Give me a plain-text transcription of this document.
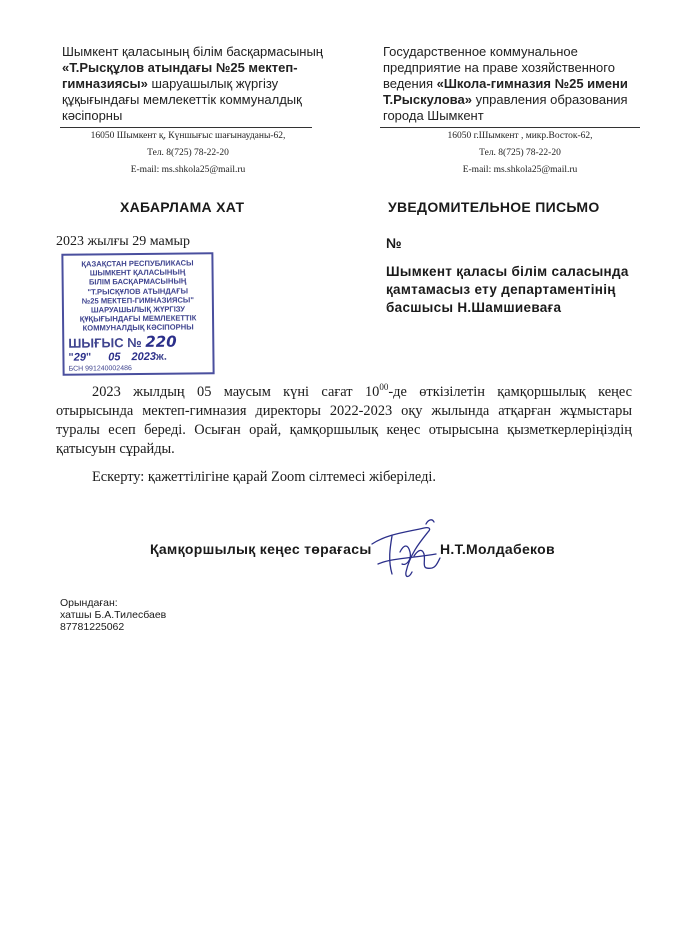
Шымкент қаласының білім басқармасының
«Т.Рысқұлов атындағы №25 мектеп-
гимназиясы» шаруашылық жүргізу
құқығындағы мемлекеттік коммуналдық
кәсіпорны
Государственное коммунальное
предприятие на праве хозяйственного
ведения «Школа-гимназия №25 имени
Т.Рыскулова» управления образования
города Шымкент
16050 Шымкент қ, Күншығыс шағынауданы-62,
Тел. 8(725) 78-22-20
E-mail: ms.shkola25@mail.ru
16050 г.Шымкент , микр.Восток-62,
Тел. 8(725) 78-22-20
E-mail: ms.shkola25@mail.ru
ХАБАРЛАМА ХАТ	УВЕДОМИТЕЛЬНОЕ ПИСЬМО
2023 жылғы 29 мамыр	№
Шымкент қаласы білім саласында
қамтамасыз ету департаментінің
басшысы Н.Шамшиеваға
ҚАЗАҚСТАН РЕСПУБЛИКАСЫ
ШЫМКЕНТ ҚАЛАСЫНЫҢ
БІЛІМ БАСҚАРМАСЫНЫҢ
"Т.РЫСҚҰЛОВ АТЫНДАҒЫ
№25 МЕКТЕП-ГИМНАЗИЯСЫ"
ШАРУАШЫЛЫҚ ЖҮРГІЗУ
ҚҰҚЫҒЫНДАҒЫ МЕМЛЕКЕТТІК
КОММУНАЛДЫҚ КӘСІПОРНЫ
ШЫҒЫС № 220
"29" 05 2023ж.
БСН 991240002486
2023 жылдың 05 маусым күні сағат $10^{00}-де$ өткізілетін қамқоршылық кеңес отырысында мектеп-гимназия директоры 2022-2023 оқу жылында атқарған жұмыстары туралы есеп береді. Осыған орай, қамқоршылық кеңес отырысына қызметкерлеріңіздің қатысуын сұрайды.
Ескерту: қажеттілігіне қарай Zoom сілтемесі жіберіледі.
Қамқоршылық кеңес төрағасы	Н.Т.Молдабеков
Орындаған:
хатшы Б.А.Тилесбаев
87781225062
